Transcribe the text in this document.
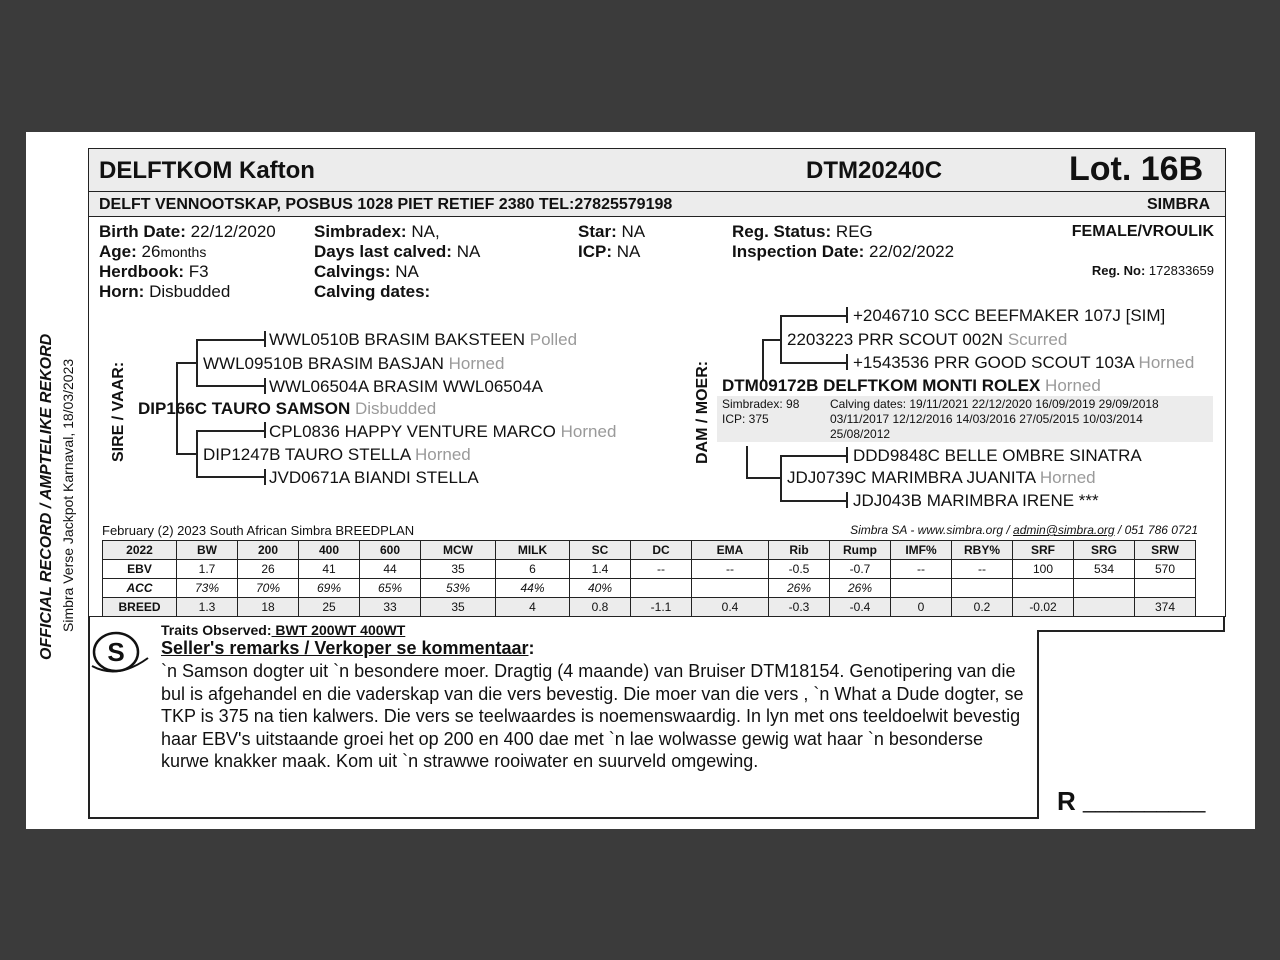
OFFICIAL RECORD / AMPTELIKE REKORD Simbra Verse Jackpot Karnaval, 18/03/2023
DELFTKOM Kafton	DTM20240C	Lot. 16B
DELFT VENNOOTSKAP, POSBUS 1028 PIET RETIEF 2380 TEL:27825579198	SIMBRA
Birth Date: 22/12/2020
Age: 26months
Herdbook: F3
Horn: Disbudded
Simbradex: NA,
Days last calved: NA
Calvings: NA
Calving dates:
Star: NA
ICP: NA
Reg. Status: REG
Inspection Date: 22/02/2022
FEMALE/VROULIK
Reg. No: 172833659
SIRE / VAAR:
WWL0510B BRASIM BAKSTEEN Polled
WWL09510B BRASIM BASJAN Horned
WWL06504A BRASIM WWL06504A
DIP166C TAURO SAMSON Disbudded
CPL0836 HAPPY VENTURE MARCO Horned
DIP1247B TAURO STELLA Horned
JVD0671A BIANDI STELLA
DAM / MOER:
+2046710 SCC BEEFMAKER 107J [SIM]
2203223 PRR SCOUT 002N Scurred
+1543536 PRR GOOD SCOUT 103A Horned
DTM09172B DELFTKOM MONTI ROLEX Horned
Simbradex: 98
ICP: 375
Calving dates: 19/11/2021 22/12/2020 16/09/2019 29/09/2018
03/11/2017 12/12/2016 14/03/2016 27/05/2015 10/03/2014
25/08/2012
DDD9848C BELLE OMBRE SINATRA
JDJ0739C MARIMBRA JUANITA Horned
JDJ043B MARIMBRA IRENE ***
February (2) 2023 South African Simbra BREEDPLAN	Simbra SA - www.simbra.org / admin@simbra.org / 051 786 0721
2022	BW	200	400	600	MCW	MILK	SC	DC	EMA	Rib	Rump	IMF%	RBY%	SRF	SRG	SRW
EBV	1.7	26	41	44	35	6	1.4	--	--	-0.5	-0.7	--	--	100	534	570
ACC	73%	70%	69%	65%	53%	44%	40%			26%	26%					
BREED	1.3	18	25	33	35	4	0.8	-1.1	0.4	-0.3	-0.4	0	0.2	-0.02		374
S
Traits Observed: BWT 200WT 400WT
Seller's remarks / Verkoper se kommentaar:
`n Samson dogter uit `n besondere moer. Dragtig (4 maande) van Bruiser DTM18154. Genotipering van die bul is afgehandel en die vaderskap van die vers bevestig. Die moer van die vers , `n What a Dude dogter, se TKP is 375 na tien kalwers. Die vers se teelwaardes is noemenswaardig. In lyn met ons teeldoelwit bevestig haar EBV's uitstaande groei het op 200 en 400 dae met `n lae wolwasse gewig wat haar `n besonderse kurwe knakker maak. Kom uit `n strawwe rooiwater en suurveld omgewing.
R __________
